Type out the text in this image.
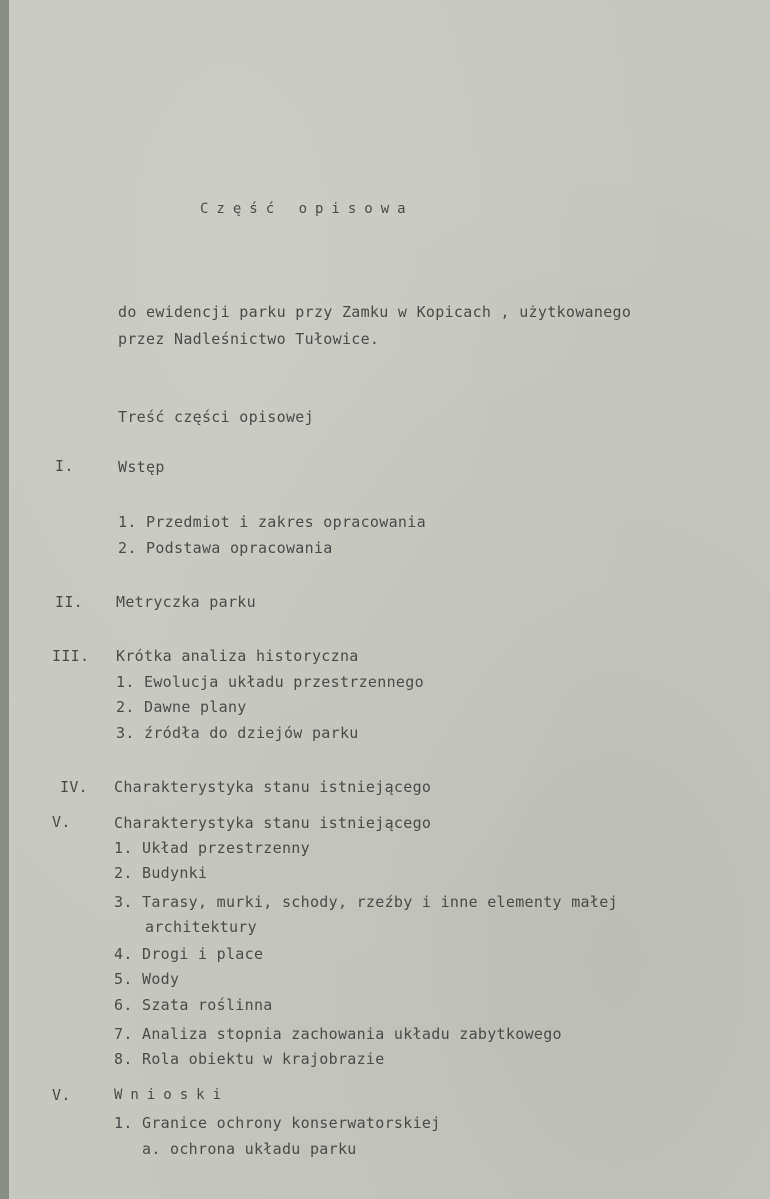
Część opisowa
do ewidencji parku przy Zamku w Kopicach , użytkowanego
przez Nadleśnictwo Tułowice.
Treść części opisowej
I.	Wstęp
1. Przedmiot i zakres opracowania
2. Podstawa opracowania
II. Metryczka parku
III. Krótka analiza historyczna
1. Ewolucja układu przestrzennego
2. Dawne plany
3. źródła do dziejów parku
IV. Charakterystyka stanu istniejącego
V.	Charakterystyka stanu istniejącego
1. Układ przestrzenny
2. Budynki
3. Tarasy, murki, schody, rzeźby i inne elementy małej
architektury
4. Drogi i place
5. Wody
6. Szata roślinna
7. Analiza stopnia zachowania układu zabytkowego
8. Rola obiektu w krajobrazie
V.	Wnioski
1. Granice ochrony konserwatorskiej
a. ochrona układu parku
